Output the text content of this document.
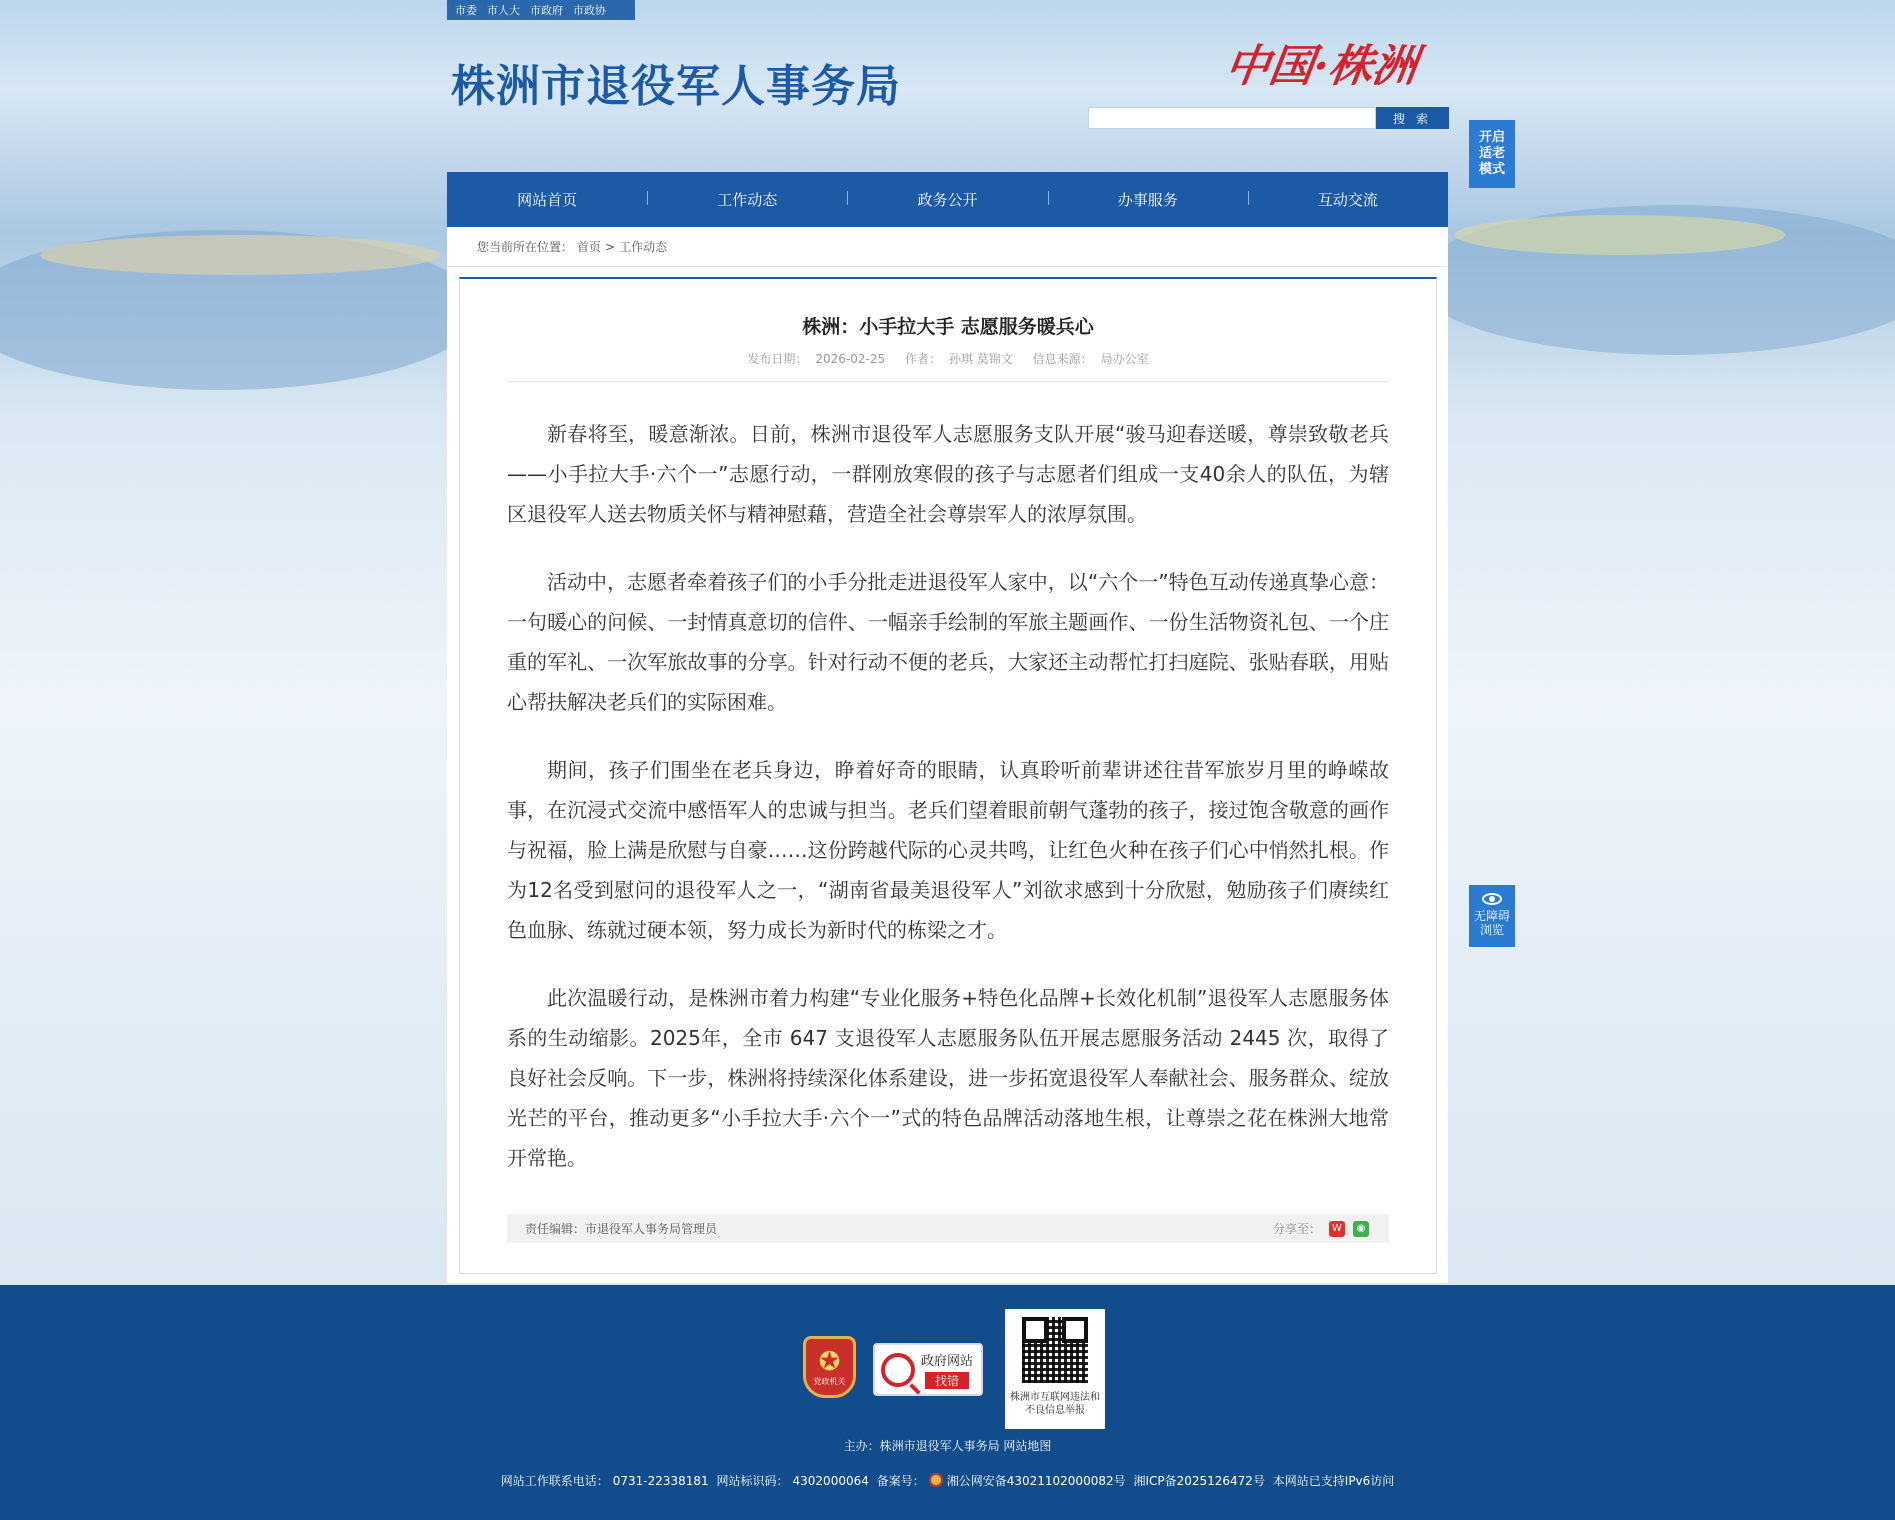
市委 市人大 市政府 市政协
株洲市退役军人事务局	中国·株洲
搜 索
开启适老模式
网站首页	工作动态	政务公开	办事服务	互动交流
您当前所在位置： 首页 > 工作动态
株洲：小手拉大手 志愿服务暖兵心
发布日期： 2026-02-25 作者： 孙琪 莫锦文 信息来源： 局办公室

新春将至，暖意渐浓。日前，株洲市退役军人志愿服务支队开展“骏马迎春送暖，尊崇致敬老兵——小手拉大手·六个一”志愿行动，一群刚放寒假的孩子与志愿者们组成一支40余人的队伍，为辖区退役军人送去物质关怀与精神慰藉，营造全社会尊崇军人的浓厚氛围。

活动中，志愿者牵着孩子们的小手分批走进退役军人家中，以“六个一”特色互动传递真挚心意：一句暖心的问候、一封情真意切的信件、一幅亲手绘制的军旅主题画作、一份生活物资礼包、一个庄重的军礼、一次军旅故事的分享。针对行动不便的老兵，大家还主动帮忙打扫庭院、张贴春联，用贴心帮扶解决老兵们的实际困难。

期间，孩子们围坐在老兵身边，睁着好奇的眼睛，认真聆听前辈讲述往昔军旅岁月里的峥嵘故事，在沉浸式交流中感悟军人的忠诚与担当。老兵们望着眼前朝气蓬勃的孩子，接过饱含敬意的画作与祝福，脸上满是欣慰与自豪……这份跨越代际的心灵共鸣，让红色火种在孩子们心中悄然扎根。作为12名受到慰问的退役军人之一，“湖南省最美退役军人”刘欲求感到十分欣慰，勉励孩子们赓续红色血脉、练就过硬本领，努力成长为新时代的栋梁之才。

此次温暖行动，是株洲市着力构建“专业化服务+特色化品牌+长效化机制”退役军人志愿服务体系的生动缩影。2025年，全市 647 支退役军人志愿服务队伍开展志愿服务活动 2445 次，取得了良好社会反响。下一步，株洲将持续深化体系建设，进一步拓宽退役军人奉献社会、服务群众、绽放光芒的平台，推动更多“小手拉大手·六个一”式的特色品牌活动落地生根，让尊崇之花在株洲大地常开常艳。

责任编辑： 市退役军人事务局管理员	分享至：	W	◉
无障碍
浏览
✪
党政机关
政府网站
找错
株洲市互联网违法和不良信息举报
主办：株洲市退役军人事务局 网站地图
网站工作联系电话： 0731-22338181 网站标识码： 4302000064 备案号： 湘公网安备43021102000082号 湘ICP备2025126472号 本网站已支持IPv6访问
